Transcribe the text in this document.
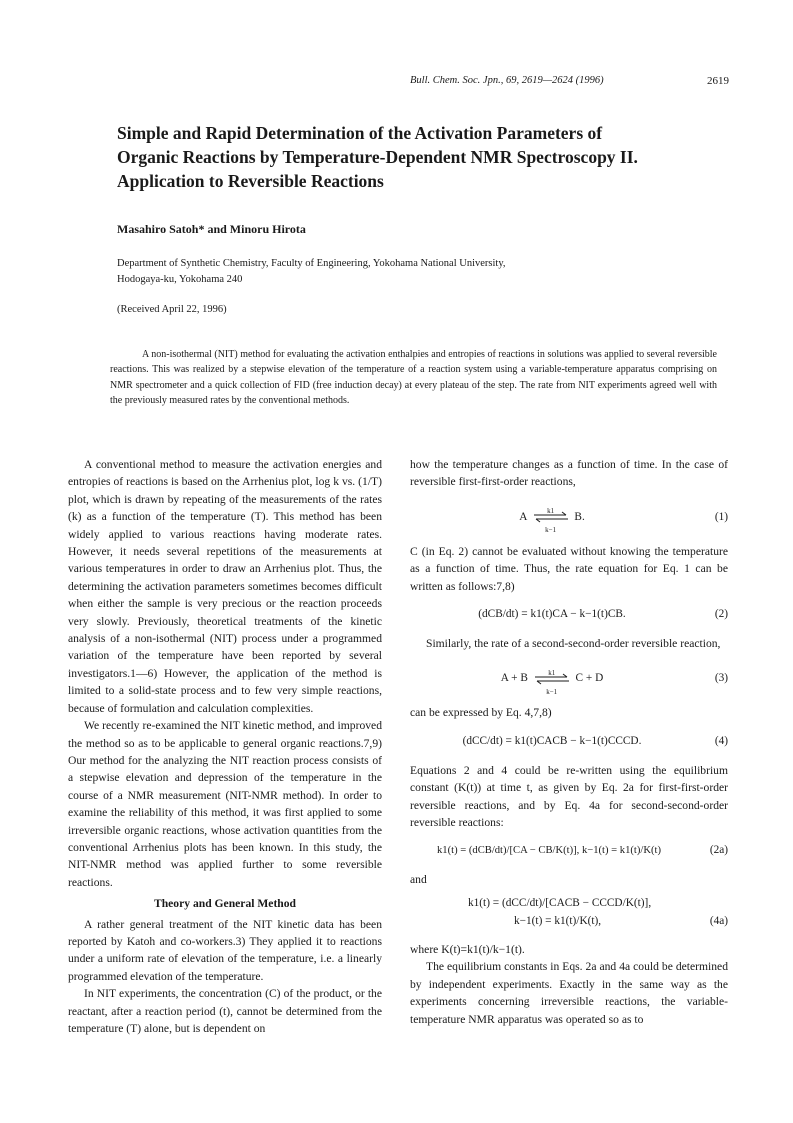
Bull. Chem. Soc. Jpn., 69, 2619—2624 (1996)	2619
Simple and Rapid Determination of the Activation Parameters of
Organic Reactions by Temperature-Dependent NMR Spectroscopy II.
Application to Reversible Reactions
Masahiro Satoh* and Minoru Hirota
Department of Synthetic Chemistry, Faculty of Engineering, Yokohama National University,
Hodogaya-ku, Yokohama 240
(Received April 22, 1996)

A non-isothermal (NIT) method for evaluating the activation enthalpies and entropies of reactions in solutions was applied to several reversible reactions. This was realized by a stepwise elevation of the temperature of a reaction system using a variable-temperature apparatus comprising on NMR spectrometer and a quick collection of FID (free induction decay) at every plateau of the step. The rate from NIT experiments agreed well with the previously measured rates by the conventional methods.

A conventional method to measure the activation energies and entropies of reactions is based on the Arrhenius plot, log k vs. (1/T) plot, which is drawn by repeating of the measurements of the rates (k) as a function of the temperature (T). This method has been widely applied to various reactions having moderate rates. However, it needs several repetitions of the measurements at various temperatures in order to draw an Arrhenius plot. Thus, the determining the activation parameters sometimes becomes difficult when either the sample is very precious or the reaction proceeds very slowly. Previously, theoretical treatments of the kinetic analysis of a non-isothermal (NIT) process under a programmed variation of the temperature have been reported by several investigators.1—6) However, the application of the method is limited to a solid-state process and to few very simple reactions, because of formulation and calculation complexities.

We recently re-examined the NIT kinetic method, and improved the method so as to be applicable to general organic reactions.7,9) Our method for the analyzing the NIT reaction process consists of a stepwise elevation and depression of the temperature in the course of a NMR measurement (NIT-NMR method). In order to examine the reliability of this method, it was first applied to some irreversible organic reactions, whose activation quantities from the conventional Arrhenius plots has been known. In this study, the NIT-NMR method was applied further to some reversible reactions.

Theory and General Method

A rather general treatment of the NIT kinetic data has been reported by Katoh and co-workers.3) They applied it to reactions under a uniform rate of elevation of the temperature, i.e. a linearly programmed elevation of the temperature.

In NIT experiments, the concentration (C) of the product, or the reactant, after a reaction period (t), cannot be determined from the temperature (T) alone, but is dependent on

how the temperature changes as a function of time. In the case of reversible first-first-order reactions,

A	k1
k−1
B.	(1)

C (in Eq. 2) cannot be evaluated without knowing the temperature as a function of time. Thus, the rate equation for Eq. 1 can be written as follows:7,8)

(dCB/dt) = k1(t)CA − k−1(t)CB.	(2)

Similarly, the rate of a second-second-order reversible reaction,

A + B	k1
k−1
C + D	(3)

can be expressed by Eq. 4,7,8)

(dCC/dt) = k1(t)CACB − k−1(t)CCCD.	(4)

Equations 2 and 4 could be re-written using the equilibrium constant (K(t)) at time t, as given by Eq. 2a for first-first-order reversible reactions, and by Eq. 4a for second-second-order reversible reactions:

k1(t) = (dCB/dt)/[CA − CB/K(t)], k−1(t) = k1(t)/K(t)	(2a)

and

k1(t) = (dCC/dt)/[CACB − CCCD/K(t)],
k−1(t) = k1(t)/K(t),	(4a)

where K(t)=k1(t)/k−1(t).

The equilibrium constants in Eqs. 2a and 4a could be determined by independent experiments. Exactly in the same way as the experiments concerning irreversible reactions, the variable-temperature NMR apparatus was operated so as to
